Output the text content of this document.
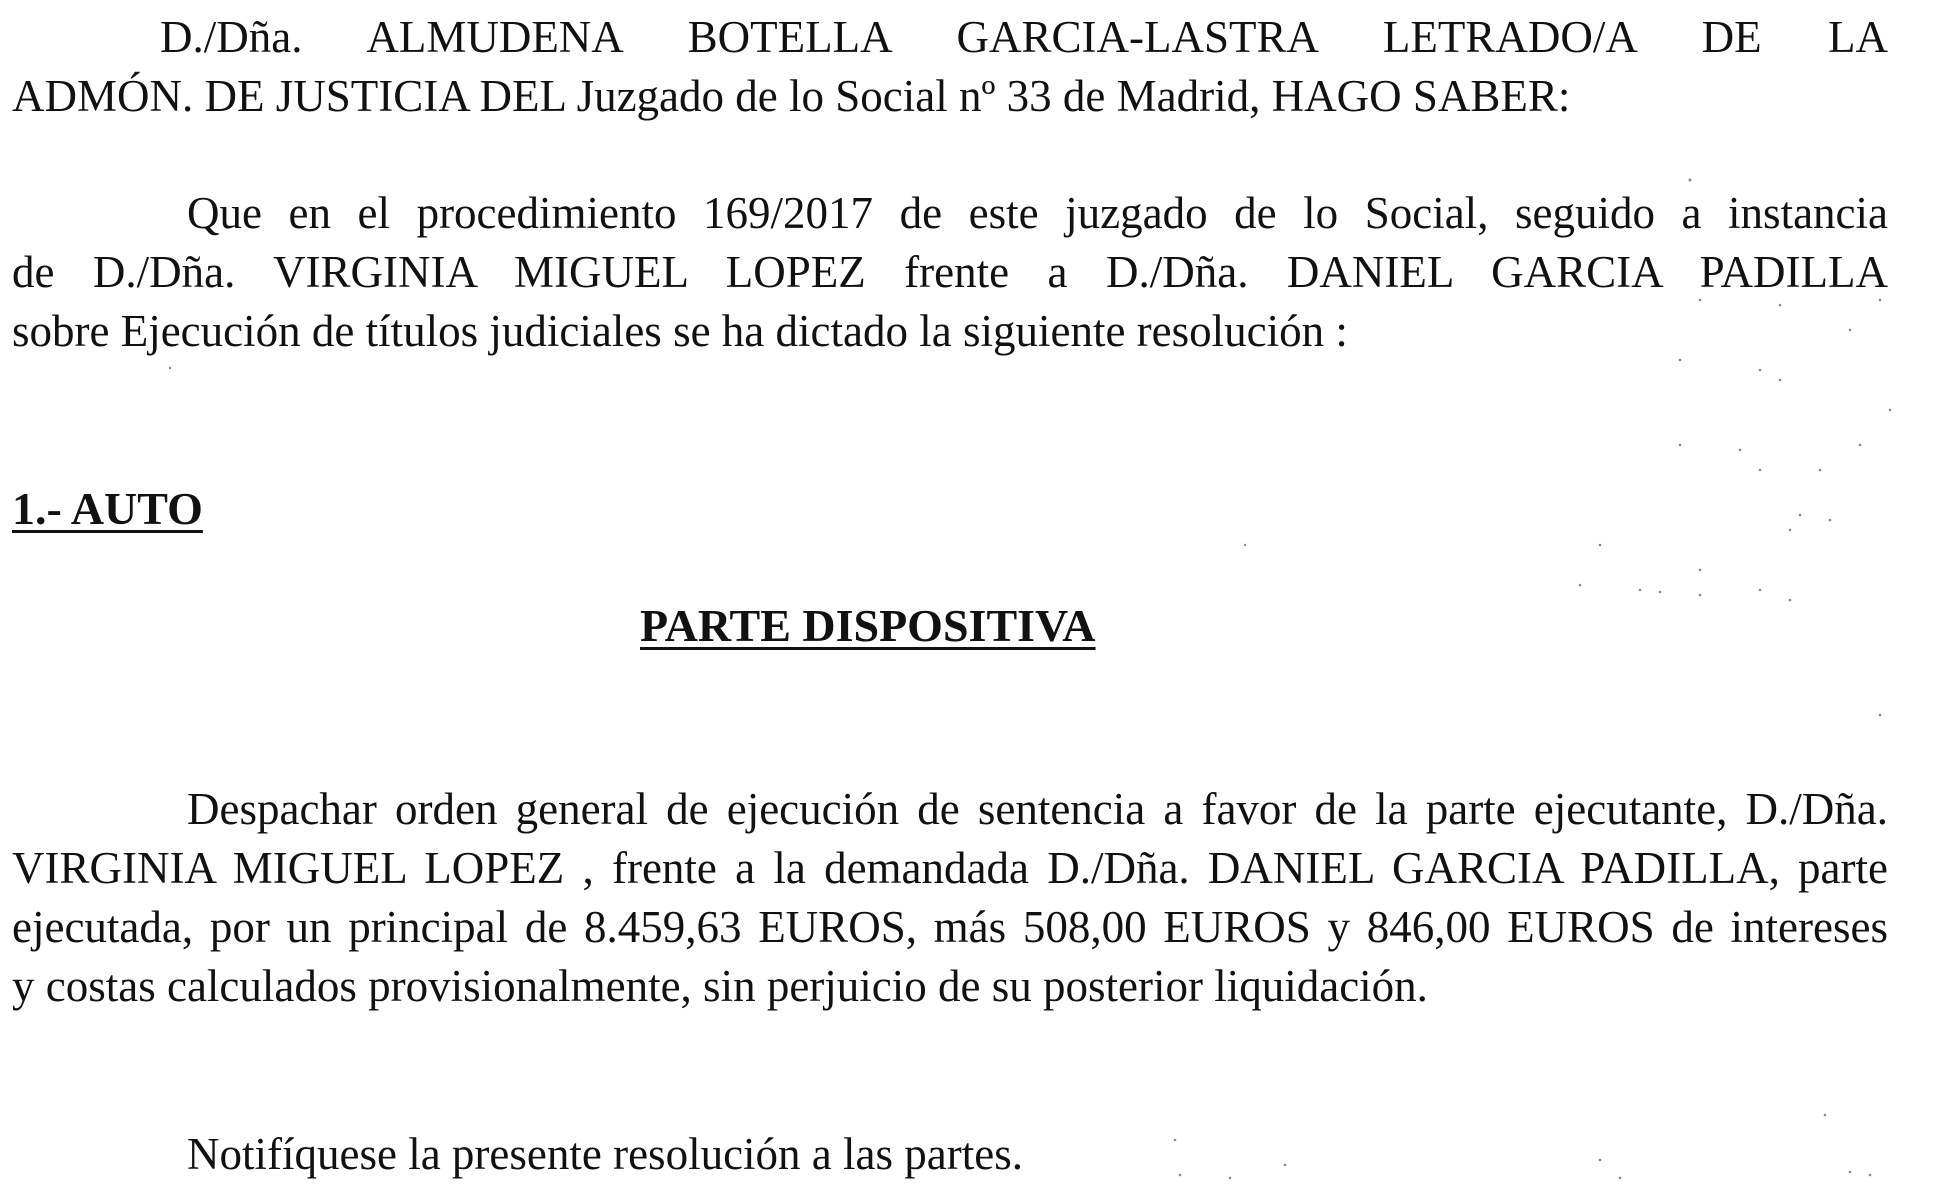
D./Dña. ALMUDENA BOTELLA GARCIA-LASTRA LETRADO/A DE LA
ADMÓN. DE JUSTICIA DEL Juzgado de lo Social nº 33 de Madrid, HAGO SABER:
Que en el procedimiento 169/2017 de este juzgado de lo Social, seguido a instancia
de D./Dña. VIRGINIA MIGUEL LOPEZ frente a D./Dña. DANIEL GARCIA PADILLA
sobre Ejecución de títulos judiciales se ha dictado la siguiente resolución :
1.- AUTO
PARTE DISPOSITIVA
Despachar orden general de ejecución de sentencia a favor de la parte ejecutante, D./Dña.
VIRGINIA MIGUEL LOPEZ , frente a la demandada D./Dña. DANIEL GARCIA PADILLA, parte
ejecutada, por un principal de 8.459,63 EUROS, más 508,00 EUROS y 846,00 EUROS de intereses
y costas calculados provisionalmente, sin perjuicio de su posterior liquidación.
Notifíquese la presente resolución a las partes.
